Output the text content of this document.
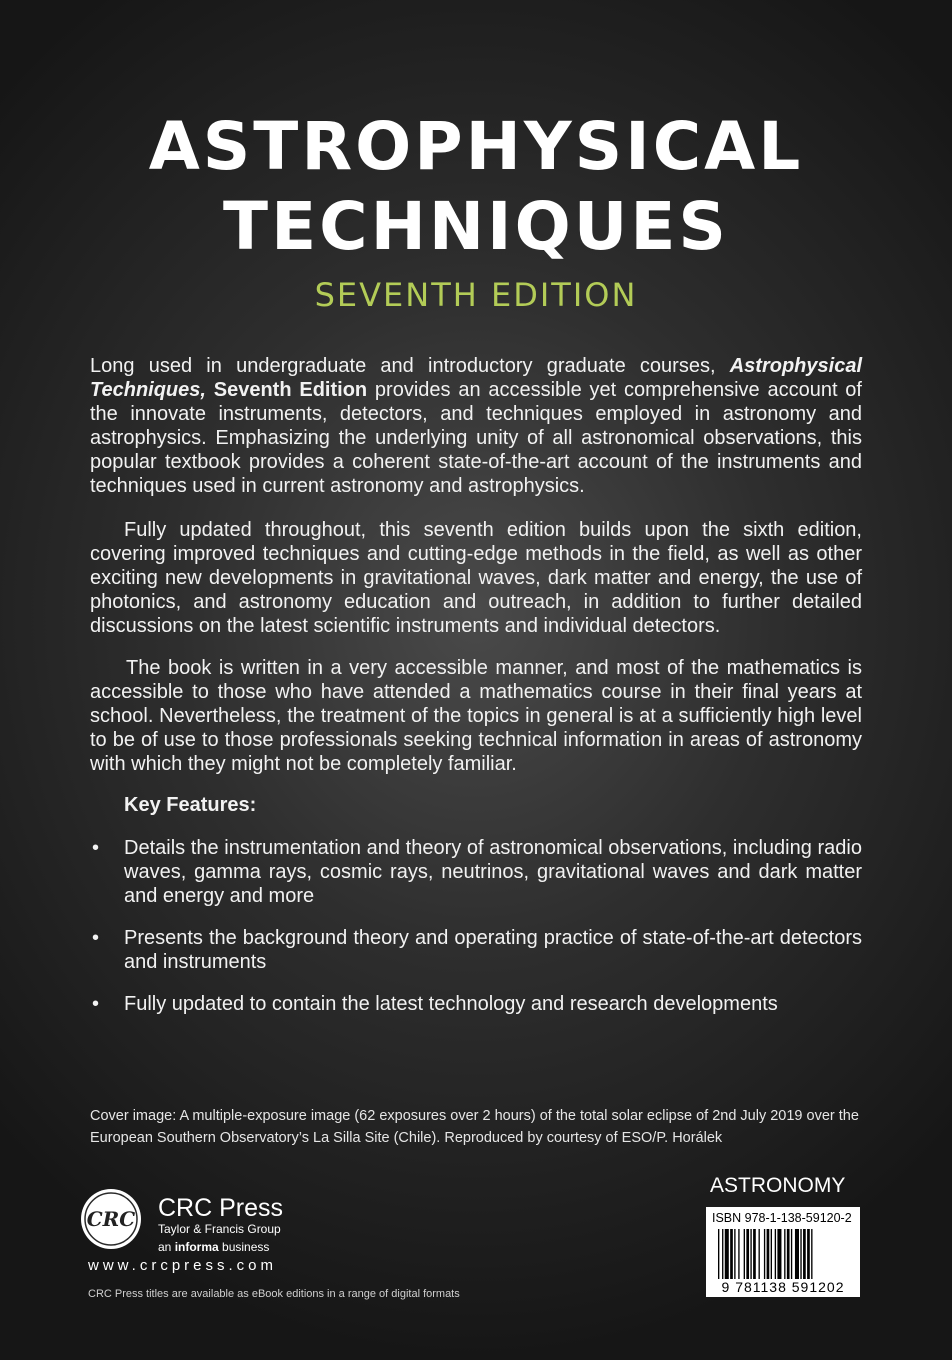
ASTROPHYSICAL
TECHNIQUES
SEVENTH EDITION

Long used in undergraduate and introductory graduate courses, Astrophysical Techniques, Seventh Edition provides an accessible yet comprehensive account of the innovate instruments, detectors, and techniques employed in astronomy and astrophysics. Emphasizing the underlying unity of all astronomical observations, this popular textbook provides a coherent state-of-the-art account of the instruments and techniques used in current astronomy and astrophysics.

Fully updated throughout, this seventh edition builds upon the sixth edition, covering improved techniques and cutting-edge methods in the field, as well as other exciting new developments in gravitational waves, dark matter and energy, the use of photonics, and astronomy education and outreach, in addition to further detailed discussions on the latest scientific instruments and individual detectors.

The book is written in a very accessible manner, and most of the mathematics is accessible to those who have attended a mathematics course in their final years at school. Nevertheless, the treatment of the topics in general is at a sufficiently high level to be of use to those professionals seeking technical information in areas of astronomy with which they might not be completely familiar.

Key Features:
• Details the instrumentation and theory of astronomical observations, including radio waves, gamma rays, cosmic rays, neutrinos, gravitational waves and dark matter and energy and more
• Presents the background theory and operating practice of state-of-the-art detectors and instruments
• Fully updated to contain the latest technology and research developments
Cover image: A multiple-exposure image (62 exposures over 2 hours) of the total solar eclipse of 2nd July 2019 over the European Southern Observatory’s La Silla Site (Chile). Reproduced by courtesy of ESO/P. Horálek
CRC CRC Press
Taylor & Francis Group
an informa business
www.crcpress.com
CRC Press titles are available as eBook editions in a range of digital formats
ASTRONOMY
ISBN 978-1-138-59120-2
9 781138 591202
